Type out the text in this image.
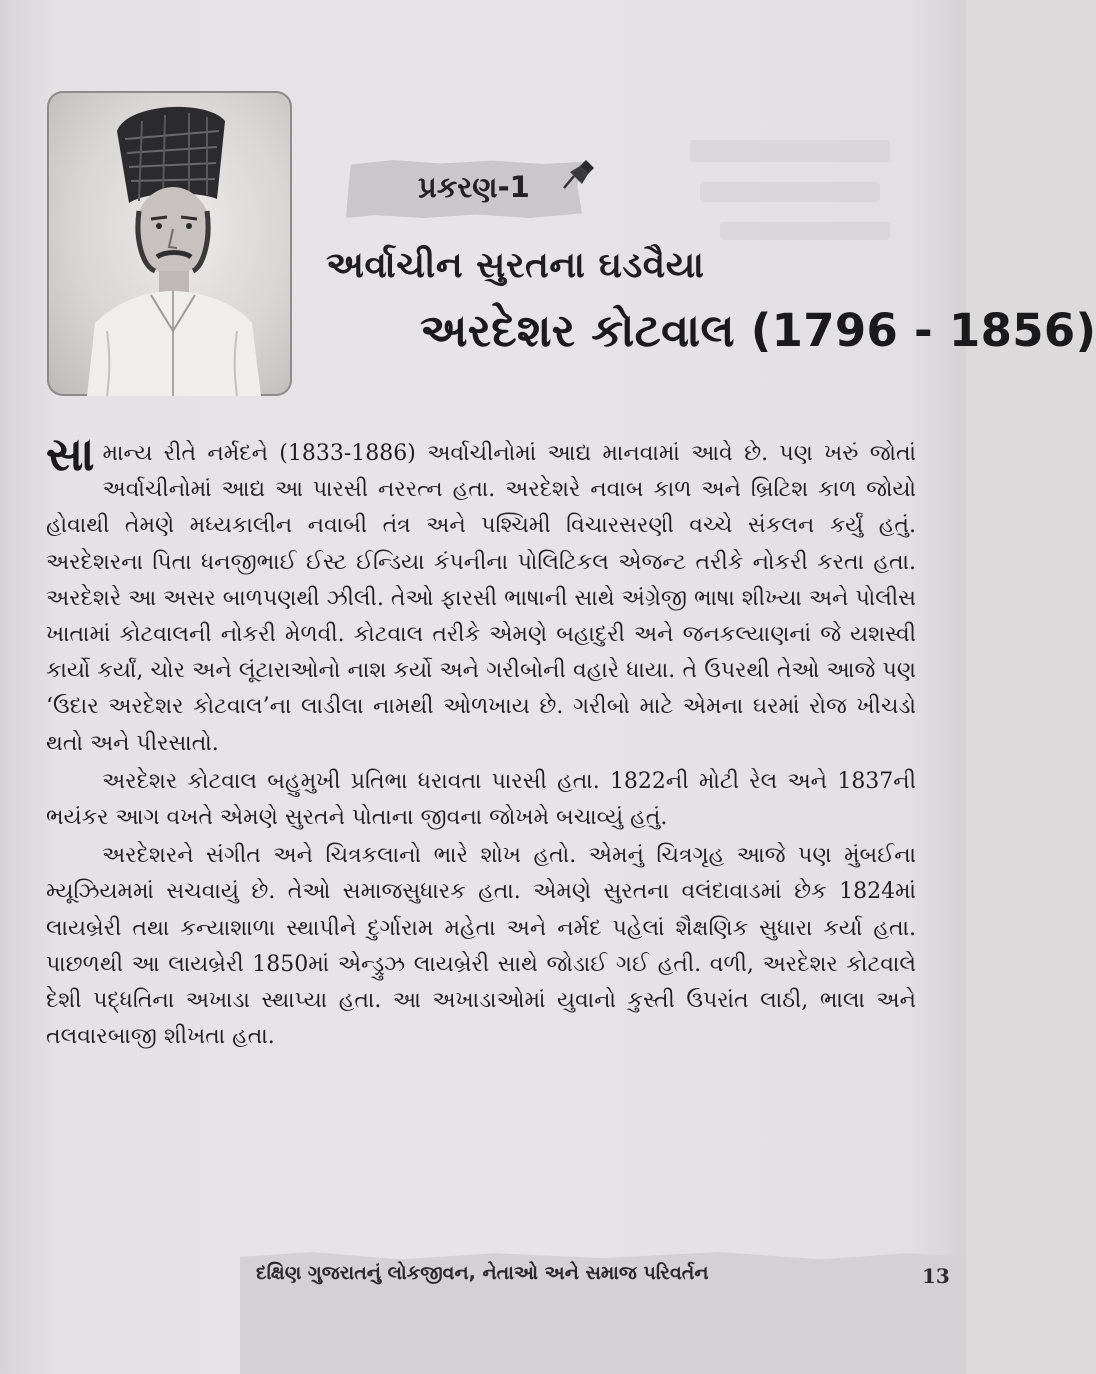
પ્રકરણ-1
અર્વાચીન સુરતના ઘડવૈયા
અરદેશર કોટવાલ (1796 - 1856)

સા માન્ય રીતે નર્મદને (1833-1886) અર્વાચીનોમાં આદ્ય માનવામાં આવે છે. પણ ખરું જોતાં અર્વાચીનોમાં આદ્ય આ પારસી નરરત્ન હતા. અરદેશરે નવાબ કાળ અને બ્રિટિશ કાળ જોયો હોવાથી તેમણે મધ્યકાલીન નવાબી તંત્ર અને પશ્ચિમી વિચારસરણી વચ્ચે સંકલન કર્યું હતું. અરદેશરના પિતા ધનજીભાઈ ઈસ્ટ ઈન્ડિયા કંપનીના પોલિટિકલ એજન્ટ તરીકે નોકરી કરતા હતા. અરદેશરે આ અસર બાળપણથી ઝીલી. તેઓ ફારસી ભાષાની સાથે અંગ્રેજી ભાષા શીખ્યા અને પોલીસ ખાતામાં કોટવાલની નોકરી મેળવી. કોટવાલ તરીકે એમણે બહાદુરી અને જનકલ્યાણનાં જે યશસ્વી કાર્યો કર્યાં, ચોર અને લૂંટારાઓનો નાશ કર્યો અને ગરીબોની વહારે ધાયા. તે ઉપરથી તેઓ આજે પણ ‘ઉદાર અરદેશર કોટવાલ’ના લાડીલા નામથી ઓળખાય છે. ગરીબો માટે એમના ઘરમાં રોજ ખીચડો થતો અને પીરસાતો.

અરદેશર કોટવાલ બહુમુખી પ્રતિભા ધરાવતા પારસી હતા. 1822ની મોટી રેલ અને 1837ની ભયંકર આગ વખતે એમણે સુરતને પોતાના જીવના જોખમે બચાવ્યું હતું.

અરદેશરને સંગીત અને ચિત્રકલાનો ભારે શોખ હતો. એમનું ચિત્રગૃહ આજે પણ મુંબઈના મ્યૂઝિયમમાં સચવાયું છે. તેઓ સમાજસુધારક હતા. એમણે સુરતના વલંદાવાડમાં છેક 1824માં લાયબ્રેરી તથા કન્યાશાળા સ્થાપીને દુર્ગારામ મહેતા અને નર્મદ પહેલાં શૈક્ષણિક સુધારા કર્યા હતા. પાછળથી આ લાયબ્રેરી 1850માં એન્ડ્રુઝ લાયબ્રેરી સાથે જોડાઈ ગઈ હતી. વળી, અરદેશર કોટવાલે દેશી પદ્ધતિના અખાડા સ્થાપ્યા હતા. આ અખાડાઓમાં યુવાનો કુસ્તી ઉપરાંત લાઠી, ભાલા અને તલવારબાજી શીખતા હતા.

દક્ષિણ ગુજરાતનું લોકજીવન, નેતાઓ અને સમાજ પરિવર્તન	13
